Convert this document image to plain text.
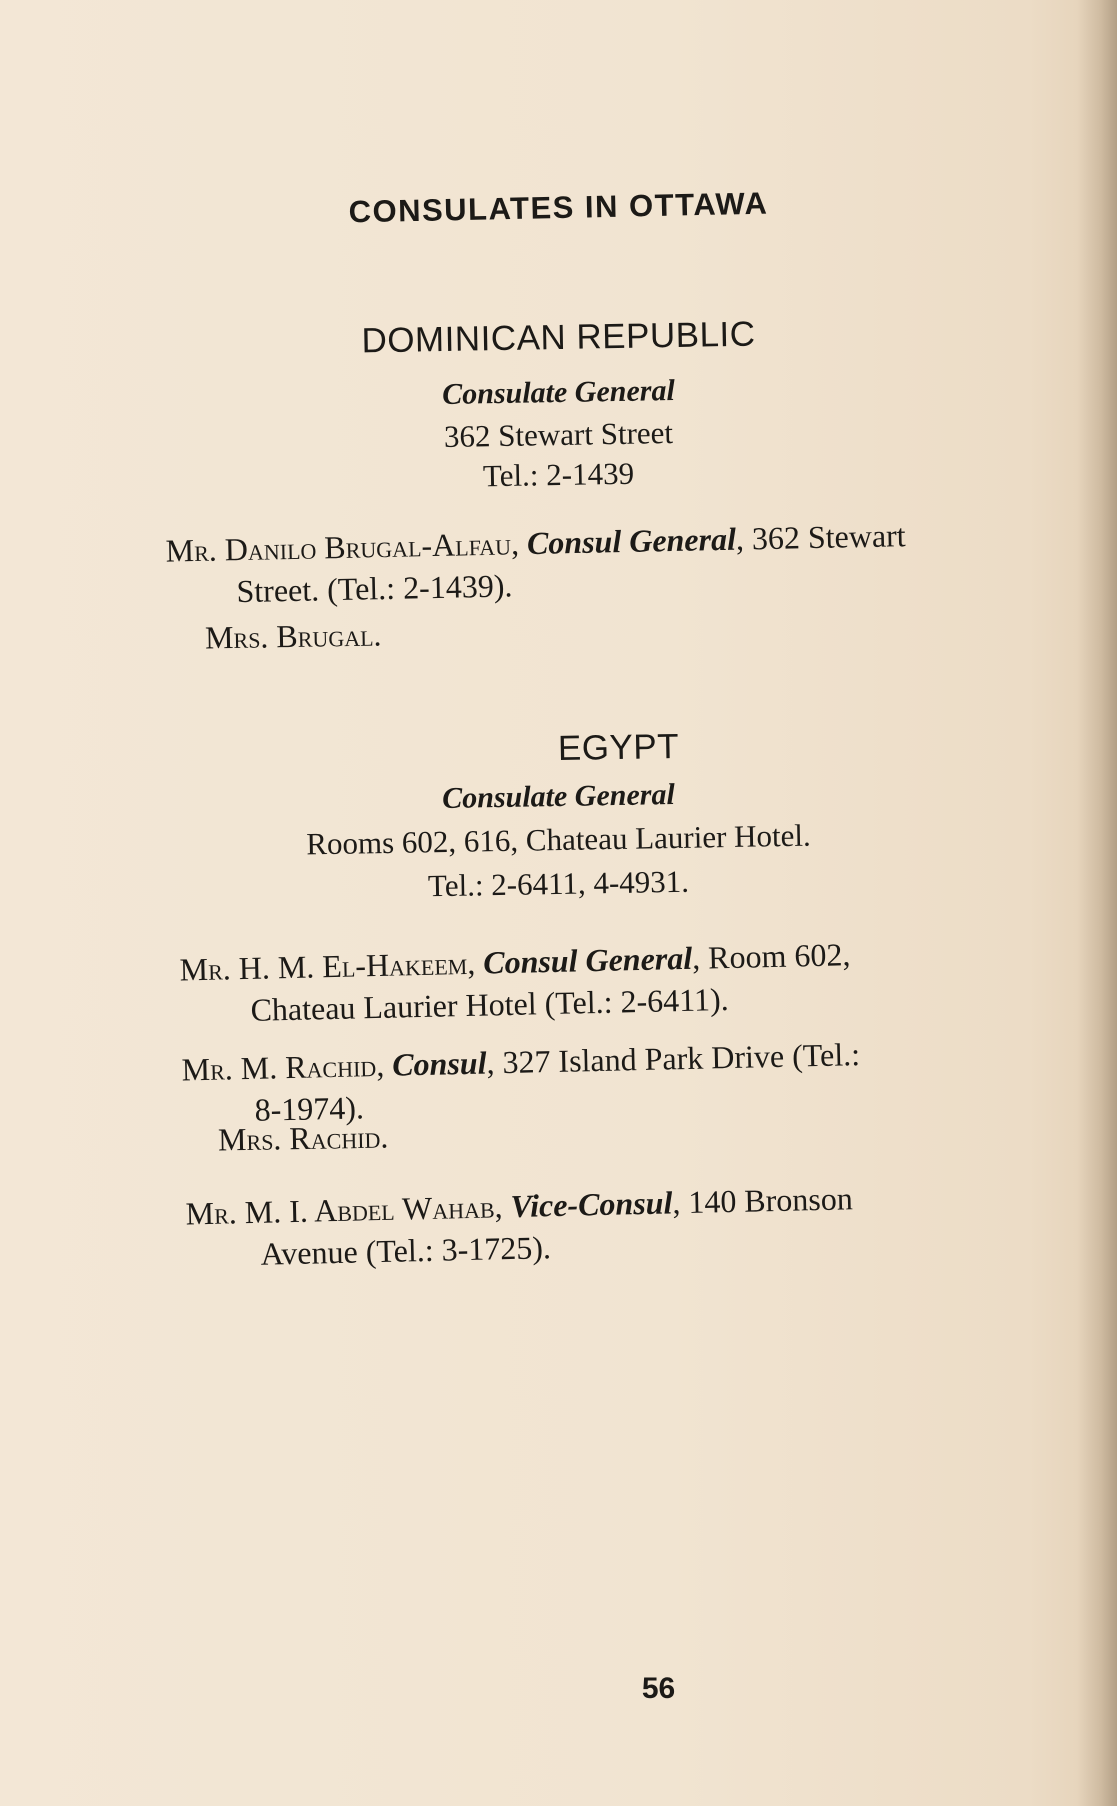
CONSULATES IN OTTAWA
DOMINICAN REPUBLIC
Consulate General
362 Stewart Street
Tel.: 2-1439
Mr. Danilo Brugal-Alfau, Consul General, 362 Stewart
Street. (Tel.: 2-1439).
Mrs. Brugal.
EGYPT
Consulate General
Rooms 602, 616, Chateau Laurier Hotel.
Tel.: 2-6411, 4-4931.
Mr. H. M. El-Hakeem, Consul General, Room 602,
Chateau Laurier Hotel (Tel.: 2-6411).
Mr. M. Rachid, Consul, 327 Island Park Drive (Tel.:
8-1974).
Mrs. Rachid.
Mr. M. I. Abdel Wahab, Vice-Consul, 140 Bronson
Avenue (Tel.: 3-1725).
56
